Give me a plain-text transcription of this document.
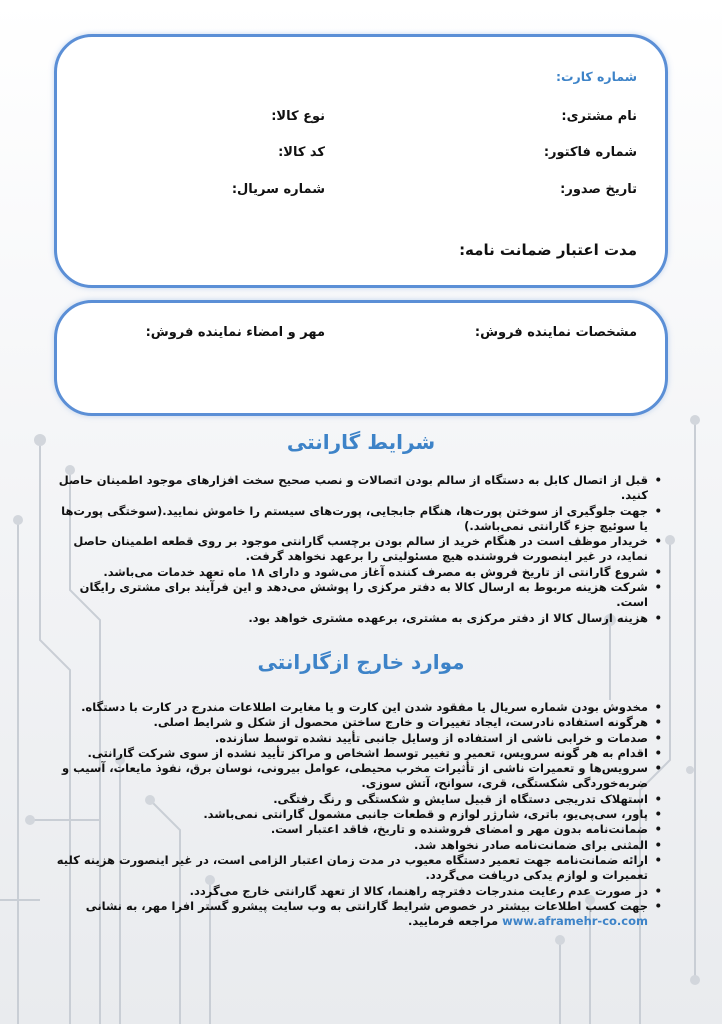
شماره کارت:
نام مشتری:
نوع کالا:
شماره فاکتور:
کد کالا:
تاریخ صدور:
شماره سریال:
مدت اعتبار ضمانت نامه:
مشخصات نماینده فروش:
مهر و امضاء نماینده فروش:
شرایط گارانتی
• قبل از اتصال کابل به دستگاه از سالم بودن اتصالات و نصب صحیح سخت افزارهای موجود اطمینان حاصل کنید.
• جهت جلوگیری از سوختن پورت‌ها، هنگام جابجایی، پورت‌های سیستم را خاموش نمایید.(سوختگی پورت‌ها یا سوئیچ جزء گارانتی نمی‌باشد.)
• خریدار موظف است در هنگام خرید از سالم بودن برچسب گارانتی موجود بر روی قطعه اطمینان حاصل نماید، در غیر اینصورت فروشنده هیچ مسئولیتی را برعهد نخواهد گرفت.
• شروع گارانتی از تاریخ فروش به مصرف کننده آغاز می‌شود و دارای ۱۸ ماه تعهد خدمات می‌باشد.
• شرکت هزینه مربوط به ارسال کالا به دفتر مرکزی را پوشش می‌دهد و این فرآیند برای مشتری رایگان است.
• هزینه ارسال کالا از دفتر مرکزی به مشتری، برعهده مشتری خواهد بود.
موارد خارج ازگارانتی
• مخدوش بودن شماره سریال یا مفقود شدن این کارت و یا مغایرت اطلاعات مندرج در کارت با دستگاه.
• هرگونه استفاده نادرست، ایجاد تغییرات و خارج ساختن محصول از شکل و شرایط اصلی.
• صدمات و خرابی ناشی از استفاده از وسایل جانبی تأیید نشده توسط سازنده.
• اقدام به هر گونه سرویس، تعمیر و تغییر توسط اشخاص و مراکز تأیید نشده از سوی شرکت گارانتی.
• سرویس‌ها و تعمیرات ناشی از تأثیرات مخرب محیطی، عوامل بیرونی، نوسان برق، نفوذ مایعات، آسیب و ضربه‌خوردگی شکستگی، قری، سوانح، آتش سوزی.
• استهلاک تدریجی دستگاه از قبیل سایش و شکستگی و رنگ رفتگی.
• پاور، سی‌پی‌یو، باتری، شارژر لوازم و قطعات جانبی مشمول گارانتی نمی‌باشد.
• ضمانت‌نامه بدون مهر و امضای فروشنده و تاریخ، فاقد اعتبار است.
• المثنی برای ضمانت‌نامه صادر نخواهد شد.
• ارائه ضمانت‌نامه جهت تعمیر دستگاه معیوب در مدت زمان اعتبار الزامی است، در غیر اینصورت هزینه کلیه تعمیرات و لوازم یدکی دریافت می‌گردد.
• در صورت عدم رعایت مندرجات دفترچه راهنما، کالا از تعهد گارانتی خارج می‌گردد.
• جهت کسب اطلاعات بیشتر در خصوص شرایط گارانتی به وب سایت پیشرو گستر افرا مهر، به نشانی www.aframehr-co.com مراجعه فرمایید.
